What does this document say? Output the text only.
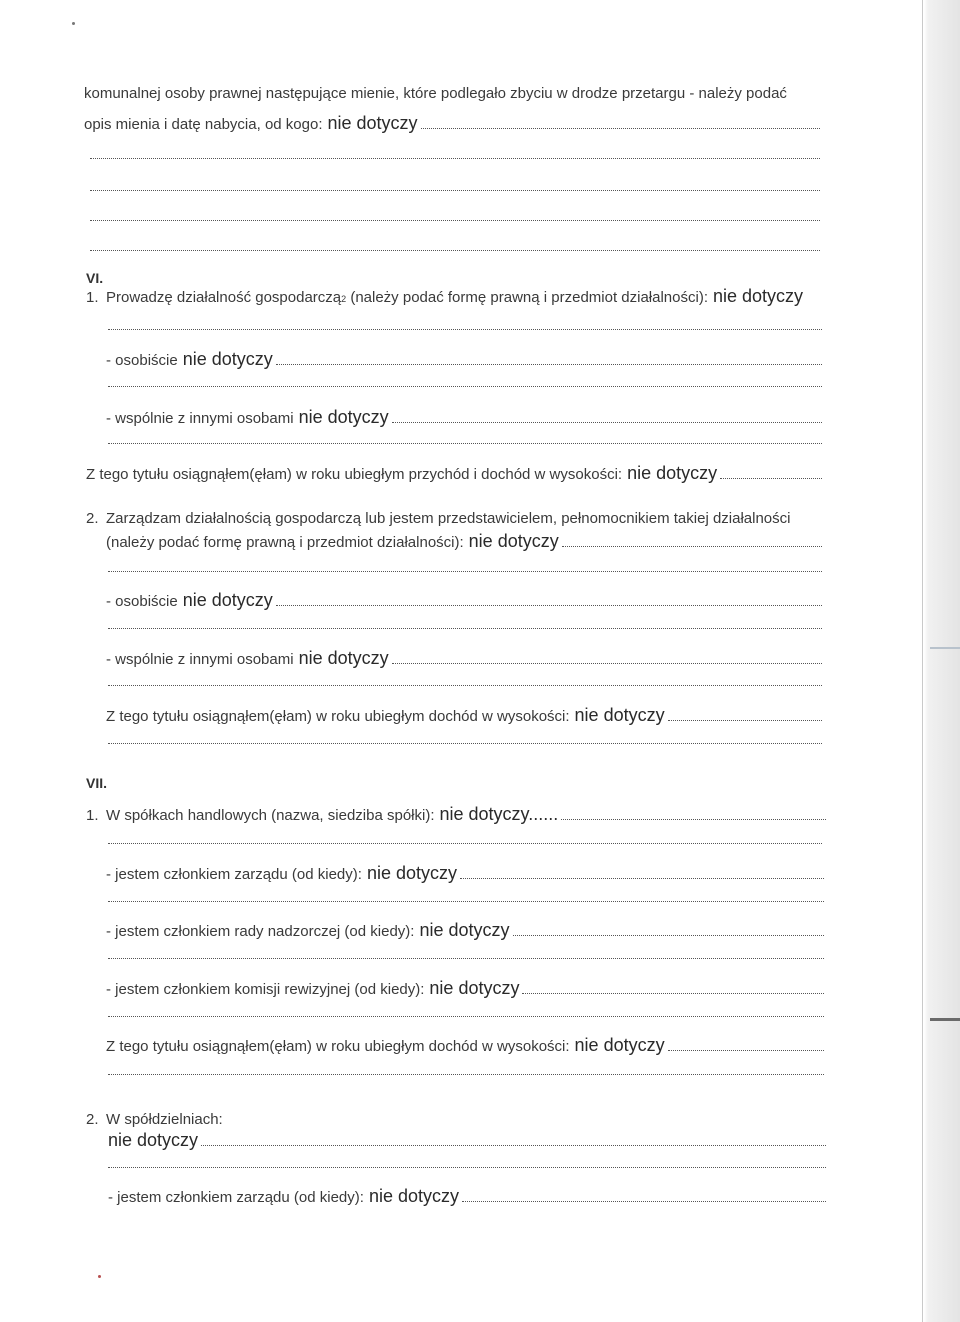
komunalnej osoby prawnej następujące mienie, które podlegało zbyciu w drodze przetargu - należy podać
opis mienia i datę nabycia, od kogo: nie dotyczy
VI.
1. Prowadzę działalność gospodarczą 2
(należy podać formę prawną i przedmiot działalności): nie dotyczy
- osobiście nie dotyczy
- wspólnie z innymi osobami nie dotyczy
Z tego tytułu osiągnąłem(ęłam) w roku ubiegłym przychód i dochód w wysokości: nie dotyczy
2. Zarządzam działalnością gospodarczą lub jestem przedstawicielem, pełnomocnikiem takiej działalności
(należy podać formę prawną i przedmiot działalności): nie dotyczy
- osobiście nie dotyczy
- wspólnie z innymi osobami nie dotyczy
Z tego tytułu osiągnąłem(ęłam) w roku ubiegłym dochód w wysokości: nie dotyczy
VII.
1. W spółkach handlowych (nazwa, siedziba spółki): nie dotyczy......
- jestem członkiem zarządu (od kiedy): nie dotyczy
- jestem członkiem rady nadzorczej (od kiedy): nie dotyczy
- jestem członkiem komisji rewizyjnej (od kiedy): nie dotyczy
Z tego tytułu osiągnąłem(ęłam) w roku ubiegłym dochód w wysokości: nie dotyczy
2. W spółdzielniach:
nie dotyczy
- jestem członkiem zarządu (od kiedy): nie dotyczy
